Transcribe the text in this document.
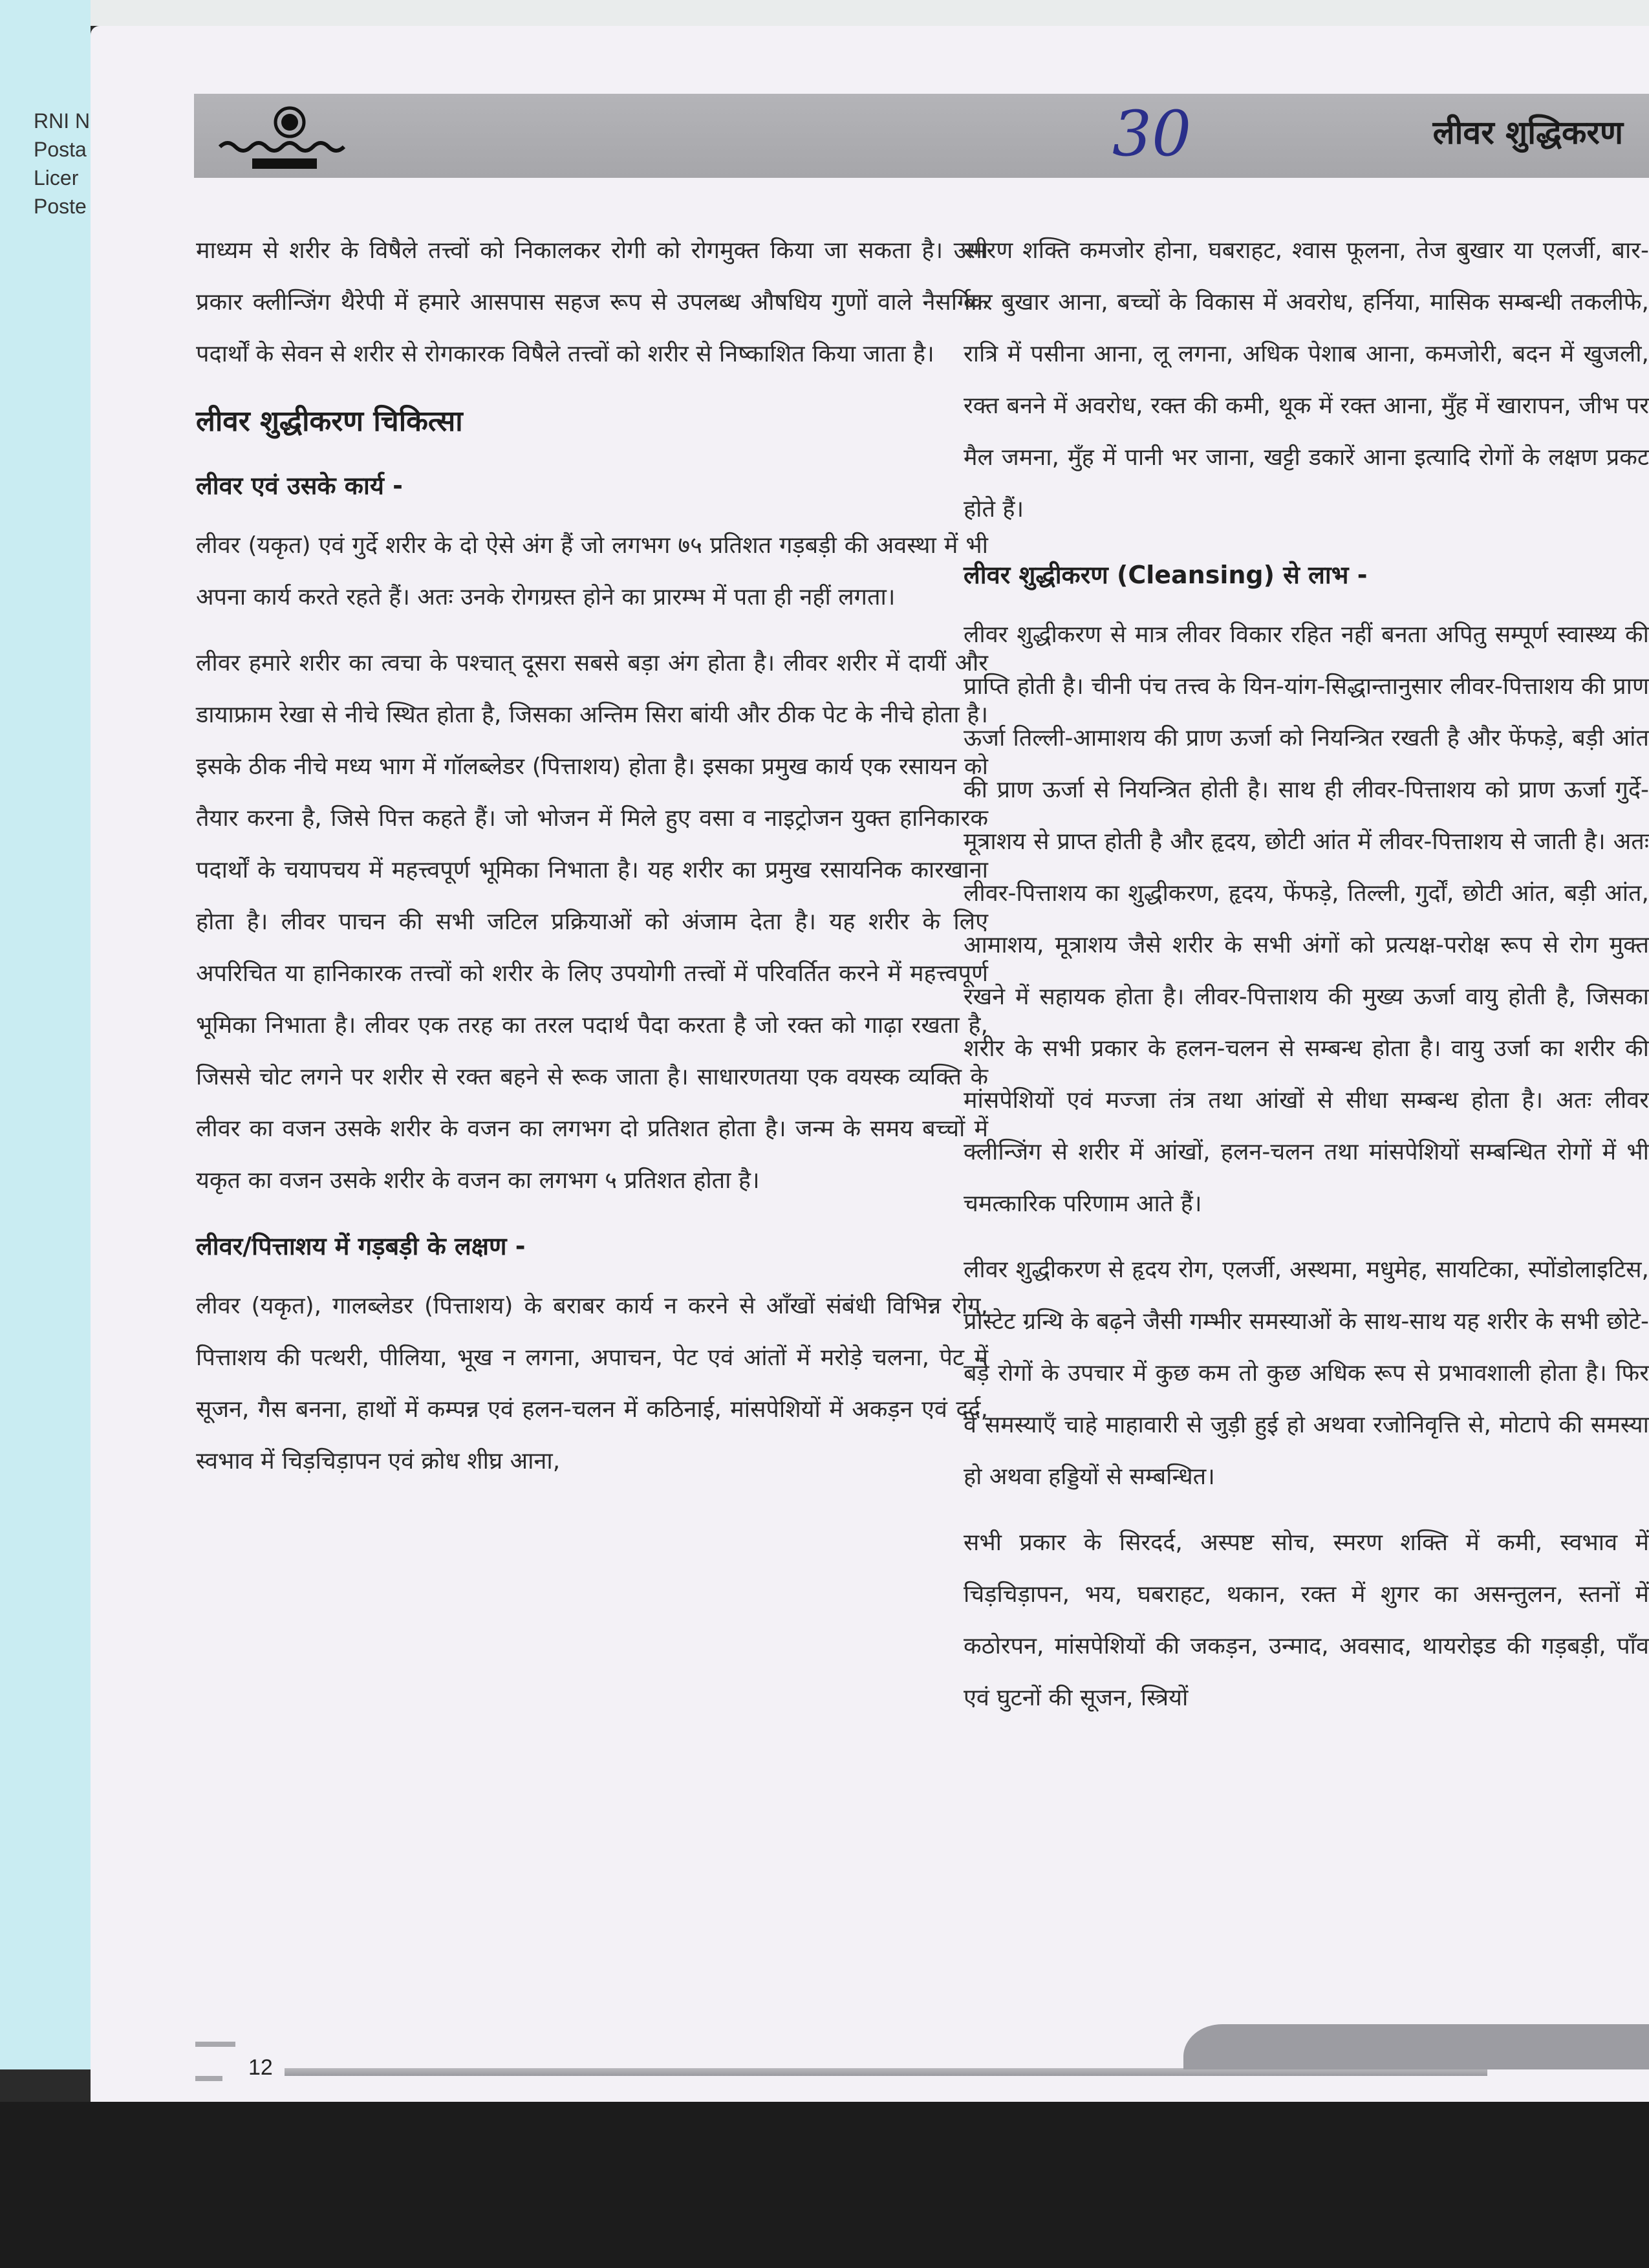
RNI N
Posta
Licer
Poste
30	लीवर शुद्धिकरण

माध्यम से शरीर के विषैले तत्त्वों को निकालकर रोगी को रोगमुक्त किया जा सकता है। उसी प्रकार क्लीन्जिंग थैरेपी में हमारे आसपास सहज रूप से उपलब्ध औषधिय गुणों वाले नैसर्गिक पदार्थों के सेवन से शरीर से रोगकारक विषैले तत्त्वों को शरीर से निष्काशित किया जाता है।

लीवर शुद्धीकरण चिकित्सा
लीवर एवं उसके कार्य -

लीवर (यकृत) एवं गुर्दे शरीर के दो ऐसे अंग हैं जो लगभग ७५ प्रतिशत गड़बड़ी की अवस्था में भी अपना कार्य करते रहते हैं। अतः उनके रोगग्रस्त होने का प्रारम्भ में पता ही नहीं लगता।

लीवर हमारे शरीर का त्वचा के पश्चात् दूसरा सबसे बड़ा अंग होता है। लीवर शरीर में दायीं और डायाफ्राम रेखा से नीचे स्थित होता है, जिसका अन्तिम सिरा बांयी और ठीक पेट के नीचे होता है। इसके ठीक नीचे मध्य भाग में गॉलब्लेडर (पित्ताशय) होता है। इसका प्रमुख कार्य एक रसायन को तैयार करना है, जिसे पित्त कहते हैं। जो भोजन में मिले हुए वसा व नाइट्रोजन युक्त हानिकारक पदार्थों के चयापचय में महत्त्वपूर्ण भूमिका निभाता है। यह शरीर का प्रमुख रसायनिक कारखाना होता है। लीवर पाचन की सभी जटिल प्रक्रियाओं को अंजाम देता है। यह शरीर के लिए अपरिचित या हानिकारक तत्त्वों को शरीर के लिए उपयोगी तत्त्वों में परिवर्तित करने में महत्त्वपूर्ण भूमिका निभाता है। लीवर एक तरह का तरल पदार्थ पैदा करता है जो रक्त को गाढ़ा रखता है, जिससे चोट लगने पर शरीर से रक्त बहने से रूक जाता है। साधारणतया एक वयस्क व्यक्ति के लीवर का वजन उसके शरीर के वजन का लगभग दो प्रतिशत होता है। जन्म के समय बच्चों में यकृत का वजन उसके शरीर के वजन का लगभग ५ प्रतिशत होता है।

लीवर/पित्ताशय में गड़बड़ी के लक्षण -

लीवर (यकृत), गालब्लेडर (पित्ताशय) के बराबर कार्य न करने से आँखों संबंधी विभिन्न रोग, पित्ताशय की पत्थरी, पीलिया, भूख न लगना, अपाचन, पेट एवं आंतों में मरोड़े चलना, पेट में सूजन, गैस बनना, हाथों में कम्पन्न एवं हलन-चलन में कठिनाई, मांसपेशियों में अकड़न एवं दर्द, स्वभाव में चिड़चिड़ापन एवं क्रोध शीघ्र आना,

स्मरण शक्ति कमजोर होना, घबराहट, श्वास फूलना, तेज बुखार या एलर्जी, बार-बार बुखार आना, बच्चों के विकास में अवरोध, हर्निया, मासिक सम्बन्धी तकलीफे, रात्रि में पसीना आना, लू लगना, अधिक पेशाब आना, कमजोरी, बदन में खुजली, रक्त बनने में अवरोध, रक्त की कमी, थूक में रक्त आना, मुँह में खारापन, जीभ पर मैल जमना, मुँह में पानी भर जाना, खट्टी डकारें आना इत्यादि रोगों के लक्षण प्रकट होते हैं।

लीवर शुद्धीकरण (Cleansing) से लाभ -

लीवर शुद्धीकरण से मात्र लीवर विकार रहित नहीं बनता अपितु सम्पूर्ण स्वास्थ्य की प्राप्ति होती है। चीनी पंच तत्त्व के यिन-यांग-सिद्धान्तानुसार लीवर-पित्ताशय की प्राण ऊर्जा तिल्ली-आमाशय की प्राण ऊर्जा को नियन्त्रित रखती है और फेंफड़े, बड़ी आंत की प्राण ऊर्जा से नियन्त्रित होती है। साथ ही लीवर-पित्ताशय को प्राण ऊर्जा गुर्दे-मूत्राशय से प्राप्त होती है और हृदय, छोटी आंत में लीवर-पित्ताशय से जाती है। अतः लीवर-पित्ताशय का शुद्धीकरण, हृदय, फेंफड़े, तिल्ली, गुर्दों, छोटी आंत, बड़ी आंत, आमाशय, मूत्राशय जैसे शरीर के सभी अंगों को प्रत्यक्ष-परोक्ष रूप से रोग मुक्त रखने में सहायक होता है। लीवर-पित्ताशय की मुख्य ऊर्जा वायु होती है, जिसका शरीर के सभी प्रकार के हलन-चलन से सम्बन्ध होता है। वायु उर्जा का शरीर की मांसपेशियों एवं मज्जा तंत्र तथा आंखों से सीधा सम्बन्ध होता है। अतः लीवर क्लीन्जिंग से शरीर में आंखों, हलन-चलन तथा मांसपेशियों सम्बन्धित रोगों में भी चमत्कारिक परिणाम आते हैं।

लीवर शुद्धीकरण से हृदय रोग, एलर्जी, अस्थमा, मधुमेह, सायटिका, स्पोंडोलाइटिस, प्रोस्टेट ग्रन्थि के बढ़ने जैसी गम्भीर समस्याओं के साथ-साथ यह शरीर के सभी छोटे-बड़े रोगों के उपचार में कुछ कम तो कुछ अधिक रूप से प्रभावशाली होता है। फिर वे समस्याएँ चाहे माहावारी से जुड़ी हुई हो अथवा रजोनिवृत्ति से, मोटापे की समस्या हो अथवा हड्डियों से सम्बन्धित।

सभी प्रकार के सिरदर्द, अस्पष्ट सोच, स्मरण शक्ति में कमी, स्वभाव में चिड़चिड़ापन, भय, घबराहट, थकान, रक्त में शुगर का असन्तुलन, स्तनों में कठोरपन, मांसपेशियों की जकड़न, उन्माद, अवसाद, थायरोइड की गड़बड़ी, पाँव एवं घुटनों की सूजन, स्त्रियों

12
